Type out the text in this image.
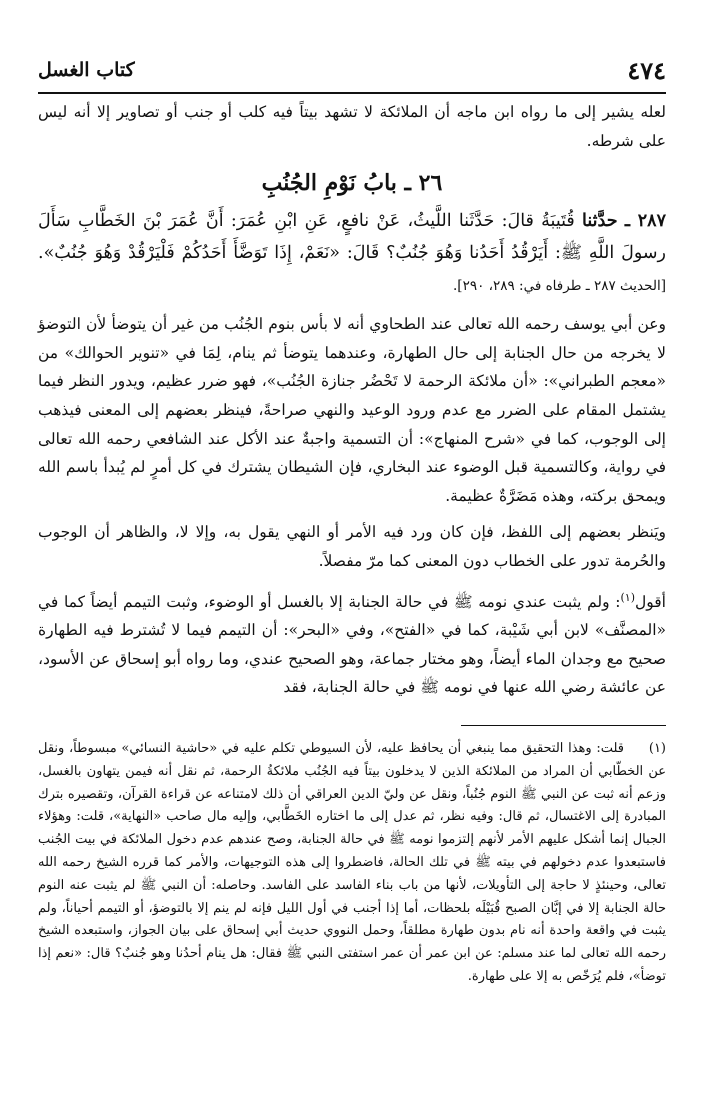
٤٧٤
كتاب الغسل

لعله يشير إلى ما رواه ابن ماجه أن الملائكة لا تشهد بيتاً فيه كلب أو جنب أو تصاوير إلا أنه ليس على شرطه.

٢٦ ـ بابُ نَوْمِ الجُنُبِ

٢٨٧ ـ حدَّثنا قُتَيبَةُ قالَ: حَدَّثَنا اللَّيثُ، عَنْ نافعٍ، عَنِ ابْنِ عُمَرَ: أَنَّ عُمَرَ بْنَ الخَطَّابِ سَأَلَ رسولَ اللَّهِ ﷺ: أَيَرْقُدُ أَحَدُنا وَهُوَ جُنُبٌ؟ قَالَ: «نَعَمْ، إِذَا تَوَضَّأَ أَحَدُكُمْ فَلْيَرْقُدْ وَهُوَ جُنُبٌ». [الحديث ٢٨٧ ـ طرفاه في: ٢٨٩، ٢٩٠].

وعن أبي يوسف رحمه الله تعالى عند الطحاوي أنه لا بأس بنوم الجُنُب من غير أن يتوضأ لأن التوضؤ لا يخرجه من حال الجنابة إلى حال الطهارة، وعندهما يتوضأ ثم ينام، لِمَا في «تنوير الحوالك» من «معجم الطبراني»: «أن ملائكة الرحمة لا تَحْضُر جنازة الجُنُب»، فهو ضرر عظيم، ويدور النظر فيما يشتمل المقام على الضرر مع عدم ورود الوعيد والنهي صراحةً، فينظر بعضهم إلى المعنى فيذهب إلى الوجوب، كما في «شرح المنهاج»: أن التسمية واجبةٌ عند الأكل عند الشافعي رحمه الله تعالى في رواية، وكالتسمية قبل الوضوء عند البخاري، فإن الشيطان يشترك في كل أمرٍ لم يُبدأ باسم الله ويمحق بركته، وهذه مَضَرَّةٌ عظيمة.

ويَنظر بعضهم إلى اللفظ، فإن كان ورد فيه الأمر أو النهي يقول به، وإلا لا، والظاهر أن الوجوب والحُرمة تدور على الخطاب دون المعنى كما مرّ مفصلاً.

أقول$^{(١)}$: ولم يثبت عندي نومه ﷺ في حالة الجنابة إلا بالغسل أو الوضوء، وثبت التيمم أيضاً كما في «المصنَّف» لابن أبي شَيْبة، كما في «الفتح»، وفي «البحر»: أن التيمم فيما لا تُشترط فيه الطهارة صحيح مع وجدان الماء أيضاً، وهو مختار جماعة، وهو الصحيح عندي، وما رواه أبو إسحاق عن الأسود، عن عائشة رضي الله عنها في نومه ﷺ في حالة الجنابة، فقد

(١)قلت: وهذا التحقيق مما ينبغي أن يحافظ عليه، لأن السيوطي تكلم عليه في «حاشية النسائي» مبسوطاً، ونقل عن الخطّابي أن المراد من الملائكة الذين لا يدخلون بيتاً فيه الجُنُب ملائكةُ الرحمة، ثم نقل أنه فيمن يتهاون بالغسل، وزعم أنه ثبت عن النبي ﷺ النوم جُنُباً، ونقل عن وليّ الدين العراقي أن ذلك لامتناعه عن قراءة القرآن، وتقصيره بترك المبادرة إلى الاغتسال، ثم قال: وفيه نظر، ثم عدل إلى ما اختاره الخَطَّابي، وإليه مال صاحب «النهاية»، قلت: وهؤلاء الجبال إنما أشكل عليهم الأمر لأنهم إلتزموا نومه ﷺ في حالة الجنابة، وصح عندهم عدم دخول الملائكة في بيت الجُنب فاستبعدوا عدم دخولهم في بيته ﷺ في تلك الحالة، فاضطروا إلى هذه التوجيهات، والأمر كما قرره الشيخ رحمه الله تعالى، وحينئذٍ لا حاجة إلى التأويلات، لأنها من باب بناء الفاسد على الفاسد. وحاصله: أن النبي ﷺ لم يثبت عنه النوم حالة الجنابة إلا في إبَّان الصبح قُبَيْلَه بلحظات، أما إذا أجنب في أول الليل فإنه لم ينم إلا بالتوضؤ، أو التيمم أحياناً، ولم يثبت في واقعة واحدة أنه نام بدون طهارة مطلقاً، وحمل النووي حديث أبي إسحاق على بيان الجواز، واستبعده الشيخ رحمه الله تعالى لما عند مسلم: عن ابن عمر أن عمر استفتى النبي ﷺ فقال: هل ينام أحدُنا وهو جُنبٌ؟ قال: «نعم إذا توضأ»، فلم يُرَخّص به إلا على طهارة.
